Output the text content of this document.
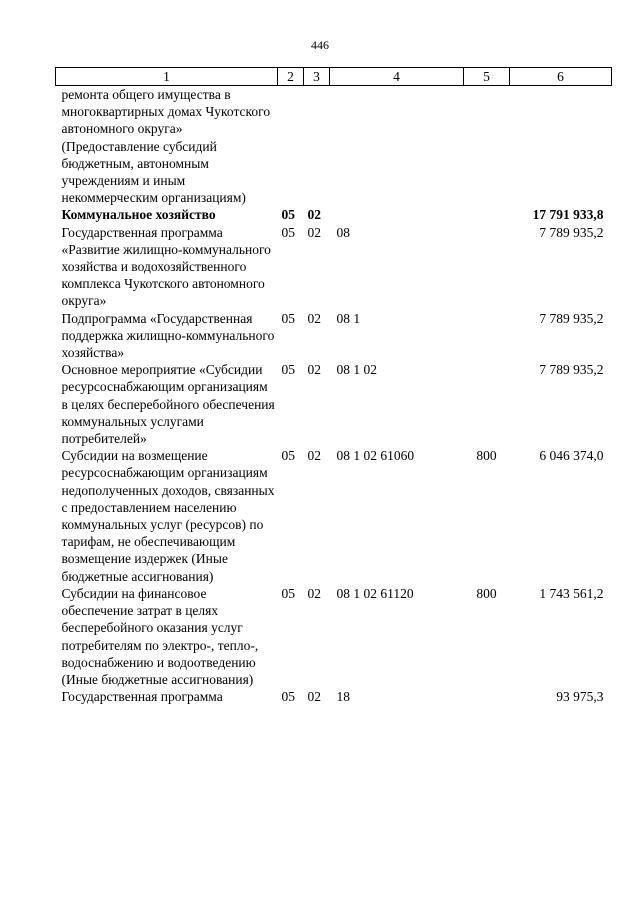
446
1	2	3	4	5	6
ремонта общего имущества в многоквартирных домах Чукотского автономного округа» (Предоставление субсидий бюджетным, автономным учреждениям и иным некоммерческим организациям)					
Коммунальное хозяйство	05	02			17 791 933,8
Государственная программа «Развитие жилищно-коммунального хозяйства и водохозяйственного комплекса Чукотского автономного округа»	05	02	08		7 789 935,2
Подпрограмма «Государственная поддержка жилищно-коммунального хозяйства»	05	02	08 1		7 789 935,2
Основное мероприятие «Субсидии ресурсоснабжающим организациям в целях бесперебойного обеспечения коммунальных услугами потребителей»	05	02	08 1 02		7 789 935,2
Субсидии на возмещение ресурсоснабжающим организациям недополученных доходов, связанных с предоставлением населению коммунальных услуг (ресурсов) по тарифам, не обеспечивающим возмещение издержек (Иные бюджетные ассигнования)	05	02	08 1 02 61060	800	6 046 374,0
Субсидии на финансовое обеспечение затрат в целях бесперебойного оказания услуг потребителям по электро-, тепло-, водоснабжению и водоотведению (Иные бюджетные ассигнования)	05	02	08 1 02 61120	800	1 743 561,2
Государственная программа	05	02	18		93 975,3
